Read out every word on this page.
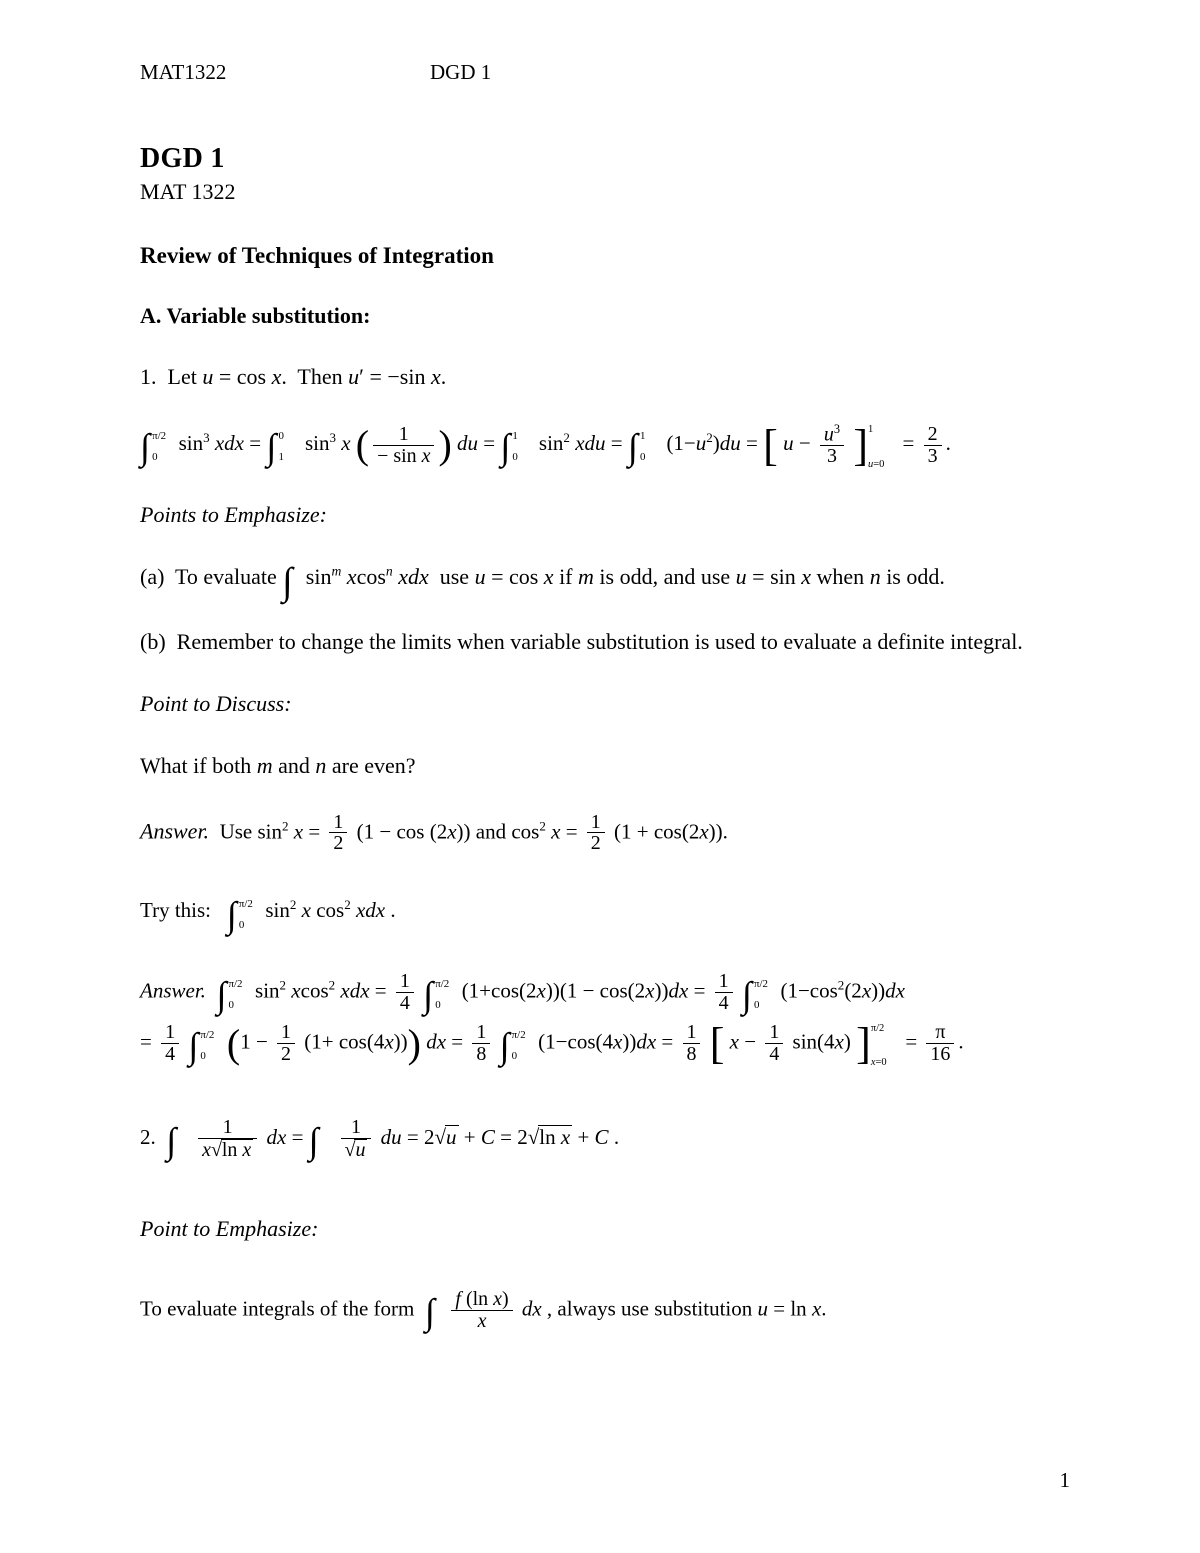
MAT1322	DGD 1
DGD 1
MAT 1322
Review of Techniques of Integration
A. Variable substitution:
1.  Let u = cos x.  Then u′ = −sin x.
∫ π/2
0
$\sin^3$ xdx = ∫ 0
1
$\sin^3 x$ ( $\frac{1}{\text{− sin x}}$ ) du = ∫ 1
0
$\sin^2$ xdu = ∫ 1
0
$(1-u^2)du$ = [ $u - \frac{u^3}{3}$ ] 1
u=0
= $\frac{2}{3}$ .
Points to Emphasize:
(a)  To evaluate ∫  $\sin^m xcos^n$ xdx  use u = cos x if m is odd, and use u = sin x when n is odd.
(b)  Remember to change the limits when variable substitution is used to evaluate a definite integral.
Point to Discuss:
What if both m and n are even?
Answer.  Use $\sin^2 x = \frac{1}{2} (1 - \cos (2x))$ and $\cos^2 x = \frac{1}{2} (1 + \cos(2x))$.
Try this:   ∫ π/2
0
$\sin^2 x$ $\cos^2$ xdx .
Answer. ∫ π/2
0
$\sin^2 xcos^2$ xdx = $\frac{1}{4}$ ∫ π/2
0
$(1+\cos(2x))(1 - \cos(2x))dx = \frac{1}{4}$ ∫ π/2
0
$(1-\cos^2(2x))dx$
= $\frac{1}{4}$ ∫ π/2
0 $(1 - \frac{1}{2} (1+ \cos(4x)))$ dx = $\frac{1}{8}$ ∫ π/2
0
$(1-\cos(4x))dx = \frac{1}{8}$ [ $x - \frac{1}{4} \sin(4x)$ ] π/2
x=0
= $\frac{\pi}{16}$ .
2.  ∫ $\frac{1}{\text{x√ln x}}$ dx = ∫ $\frac{1}{√u}$ du = 2√u + C = 2√ln x + C .
Point to Emphasize:
To evaluate integrals of the form  ∫ $\frac{\text{f (ln x)}}{x}$ dx , always use substitution u = ln x.
1
